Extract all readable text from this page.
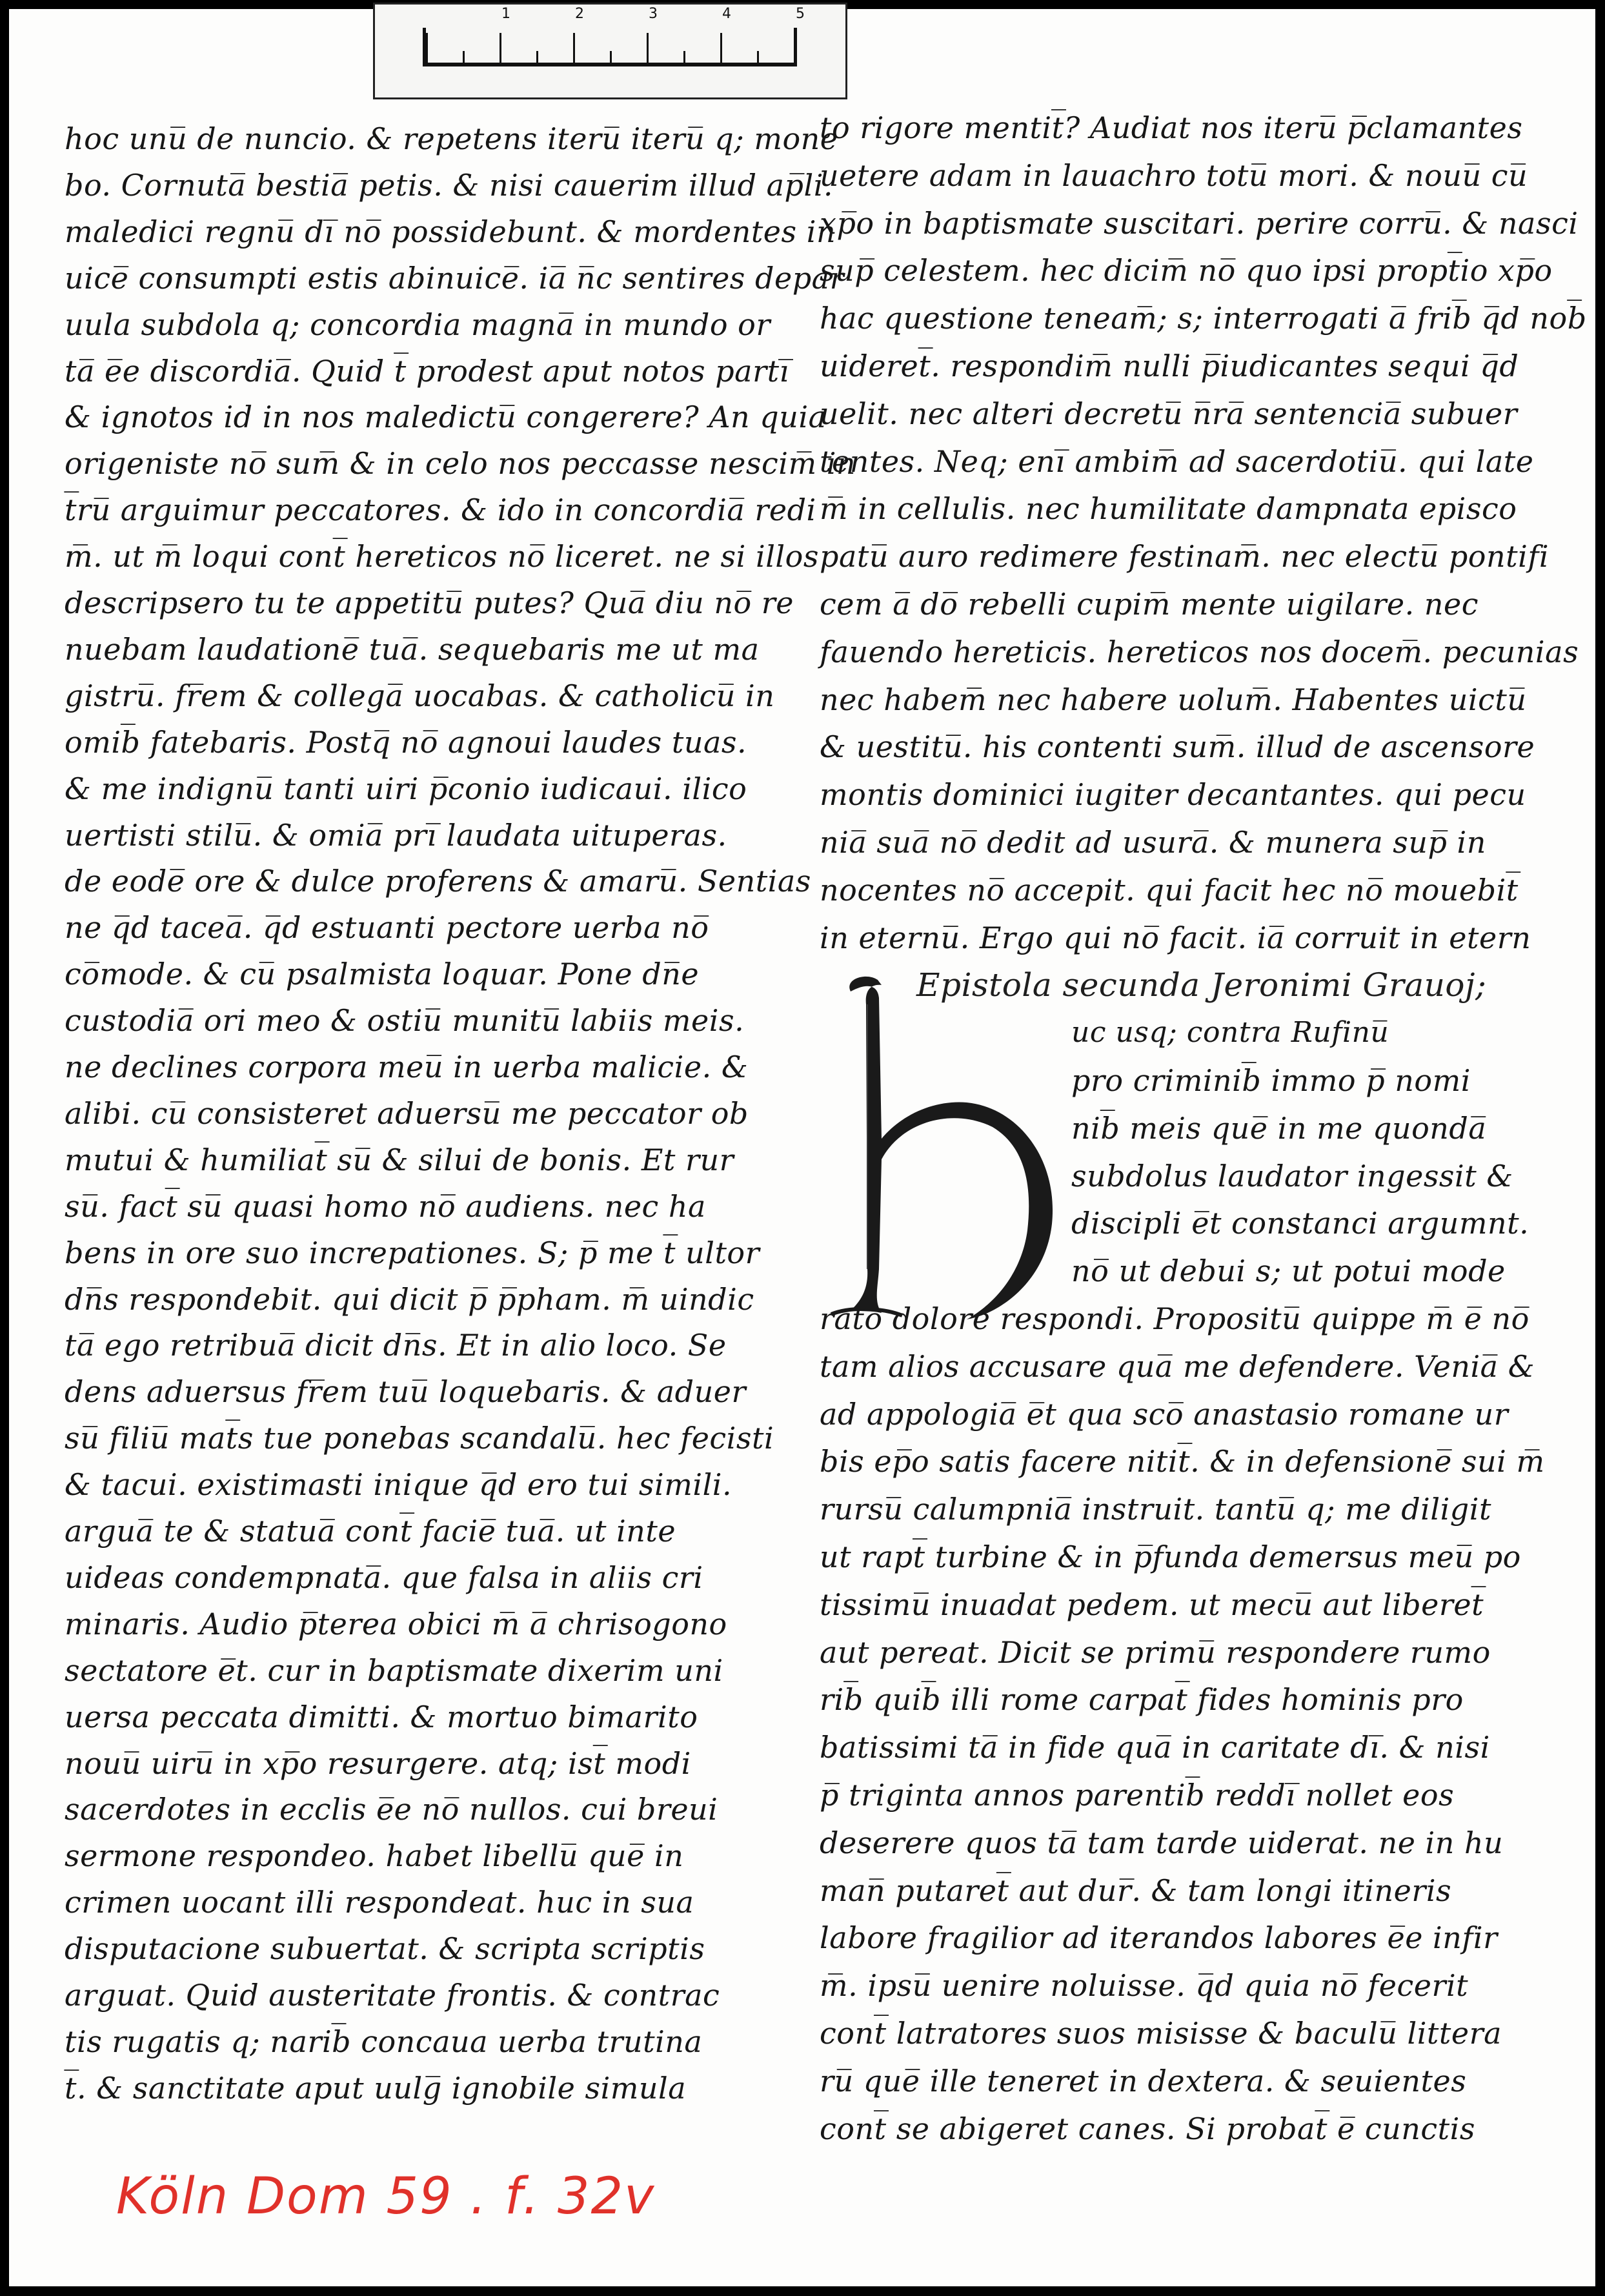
1	2	3	4	5
hoc unu̅ de nuncio. & repetens iteru̅ iteru̅ q; mone
bo. Cornuta̅ bestia̅ petis. & nisi cauerim illud ap̅li.
maledici regnu̅ di̅ no̅ possidebunt. & mordentes in
uice̅ consumpti estis abinuice̅. ia̅ n̅c sentires depar
uula subdola q; concordia magna̅ in mundo or
ta̅ e̅e discordia̅. Quid t̅ prodest aput notos parti̅
& ignotos id in nos maledictu̅ congerere? An quia
origeniste no̅ sum̅ & in celo nos peccasse nescim̅ in
t̅ru̅ arguimur peccatores. & ido in concordia̅ redi
m̅. ut m̅ loqui cont̅ hereticos no̅ liceret. ne si illos
descripsero tu te appetitu̅ putes? Qua̅ diu no̅ re
nuebam laudatione̅ tua̅. sequebaris me ut ma
gistru̅. fr̅em & collega̅ uocabas. & catholicu̅ in
omib̅ fatebaris. Postq̅ no̅ agnoui laudes tuas.
& me indignu̅ tanti uiri p̅conio iudicaui. ilico
uertisti stilu̅. & omia̅ pri̅ laudata uituperas.
de eode̅ ore & dulce proferens & amaru̅. Sentias
ne q̅d tacea̅. q̅d estuanti pectore uerba no̅
co̅mode. & cu̅ psalmista loquar. Pone dn̅e
custodia̅ ori meo & ostiu̅ munitu̅ labiis meis.
ne declines corpora meu̅ in uerba malicie. &
alibi. cu̅ consisteret aduersu̅ me peccator ob
mutui & humiliat̅ su̅ & silui de bonis. Et rur
su̅. fact̅ su̅ quasi homo no̅ audiens. nec ha
bens in ore suo increpationes. S; p̅ me t̅ ultor
dn̅s respondebit. qui dicit p̅ p̅pham. m̅ uindic
ta̅ ego retribua̅ dicit dn̅s. Et in alio loco. Se
dens aduersus fr̅em tuu̅ loquebaris. & aduer
su̅ filiu̅ mat̅s tue ponebas scandalu̅. hec fecisti
& tacui. existimasti inique q̅d ero tui simili.
argua̅ te & statua̅ cont̅ facie̅ tua̅. ut inte
uideas condempnata̅. que falsa in aliis cri
minaris. Audio p̅terea obici m̅ a̅ chrisogono
sectatore e̅t. cur in baptismate dixerim uni
uersa peccata dimitti. & mortuo bimarito
nouu̅ uiru̅ in xp̅o resurgere. atq; ist̅ modi
sacerdotes in ecclis e̅e no̅ nullos. cui breui
sermone respondeo. habet libellu̅ que̅ in
crimen uocant illi respondeat. huc in sua
disputacione subuertat. & scripta scriptis
arguat. Quid austeritate frontis. & contrac
tis rugatis q; narib̅ concaua uerba trutina
t̅. & sanctitate aput uulg̅ ignobile simula
to rigore mentit̅? Audiat nos iteru̅ p̅clamantes
uetere adam in lauachro totu̅ mori. & nouu̅ cu̅
xp̅o in baptismate suscitari. perire corru̅. & nasci
sup̅ celestem. hec dicim̅ no̅ quo ipsi propt̅io xp̅o
hac questione teneam̅; s; interrogati a̅ frib̅ q̅d nob̅
uideret̅. respondim̅ nulli p̅iudicantes sequi q̅d
uelit. nec alteri decretu̅ n̅ra̅ sentencia̅ subuer
tentes. Neq; eni̅ ambim̅ ad sacerdotiu̅. qui late
m̅ in cellulis. nec humilitate dampnata episco
patu̅ auro redimere festinam̅. nec electu̅ pontifi
cem a̅ do̅ rebelli cupim̅ mente uigilare. nec
fauendo hereticis. hereticos nos docem̅. pecunias
nec habem̅ nec habere uolum̅. Habentes uictu̅
& uestitu̅. his contenti sum̅. illud de ascensore
montis dominici iugiter decantantes. qui pecu
nia̅ sua̅ no̅ dedit ad usura̅. & munera sup̅ in
nocentes no̅ accepit. qui facit hec no̅ mouebit̅
in eternu̅. Ergo qui no̅ facit. ia̅ corruit in etern
Epistola secunda Jeronimi Grauoj;
uc usq; contra Rufinu̅
pro criminib̅ immo p̅ nomi
nib̅ meis que̅ in me quonda̅
subdolus laudator ingessit &
discipli e̅t constanci argumnt.
no̅ ut debui s; ut potui mode
rato dolore respondi. Propositu̅ quippe m̅ e̅ no̅
tam alios accusare qua̅ me defendere. Venia̅ &
ad appologia̅ e̅t qua sco̅ anastasio romane ur
bis ep̅o satis facere nitit̅. & in defensione̅ sui m̅
rursu̅ calumpnia̅ instruit. tantu̅ q; me diligit
ut rapt̅ turbine & in p̅funda demersus meu̅ po
tissimu̅ inuadat pedem. ut mecu̅ aut liberet̅
aut pereat. Dicit se primu̅ respondere rumo
rib̅ quib̅ illi rome carpat̅ fides hominis pro
batissimi ta̅ in fide qua̅ in caritate di̅. & nisi
p̅ triginta annos parentib̅ reddi̅ nollet eos
deserere quos ta̅ tam tarde uiderat. ne in hu
man̅ putaret̅ aut dur̅. & tam longi itineris
labore fragilior ad iterandos labores e̅e infir
m̅. ipsu̅ uenire noluisse. q̅d quia no̅ fecerit
cont̅ latratores suos misisse & baculu̅ littera
ru̅ que̅ ille teneret in dextera. & seuientes
cont̅ se abigeret canes. Si probat̅ e̅ cunctis
Köln Dom 59 . f. 32v
